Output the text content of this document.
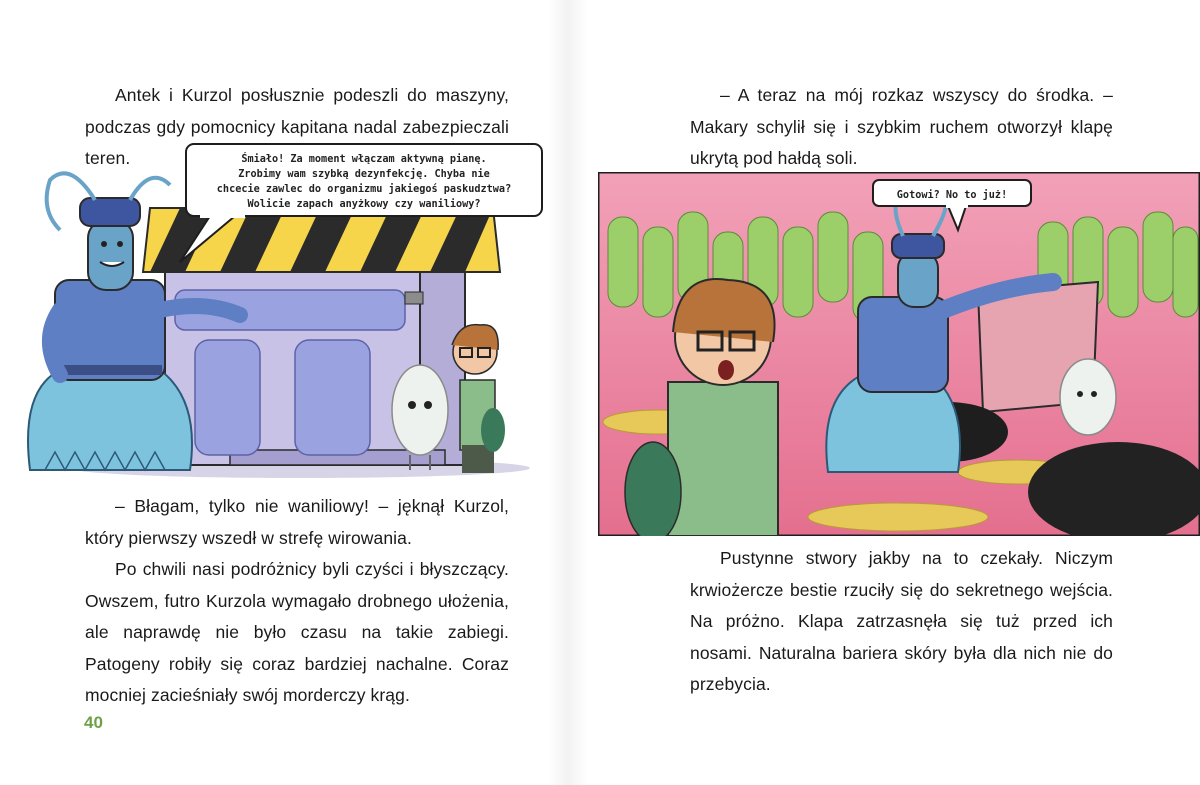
Antek i Kurzol posłusznie podeszli do maszyny, podczas gdy pomocnicy kapitana nadal zabezpieczali teren.	Śmiało! Za moment włączam aktywną pianę.
Zrobimy wam szybką dezynfekcję. Chyba nie
chcecie zawlec do organizmu jakiegoś paskudztwa?
Wolicie zapach anyżkowy czy waniliowy?

– Błagam, tylko nie waniliowy! – jęknął Kurzol, który pierwszy wszedł w strefę wirowania.

Po chwili nasi podróżnicy byli czyści i błyszczący. Owszem, futro Kurzola wymagało drobnego ułożenia, ale naprawdę nie było czasu na takie zabiegi. Patogeny robiły się coraz bardziej nachalne. Coraz mocniej zacieśniały swój morderczy krąg.

40

– A teraz na mój rozkaz wszyscy do środka. – Makary schylił się i szybkim ruchem otworzył klapę ukrytą pod hałdą soli.

Gotowi? No to już!

Pustynne stwory jakby na to czekały. Niczym krwiożercze bestie rzuciły się do sekretnego wejścia. Na próżno. Klapa zatrzasnęła się tuż przed ich nosami. Naturalna bariera skóry była dla nich nie do przebycia.
